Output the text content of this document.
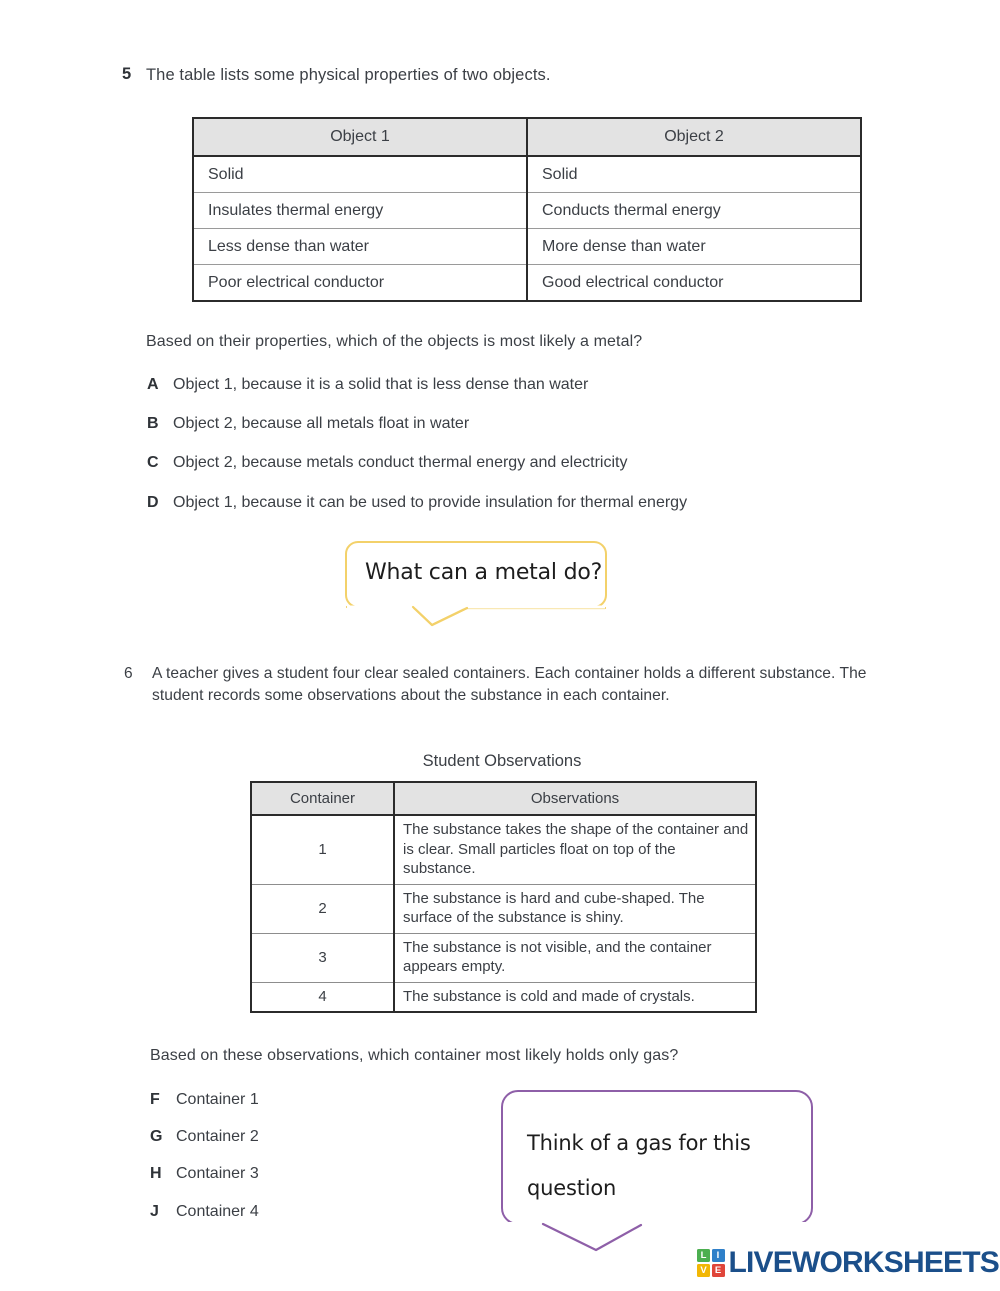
5 The table lists some physical properties of two objects.
Object 1	Object 2
Solid	Solid
Insulates thermal energy	Conducts thermal energy
Less dense than water	More dense than water
Poor electrical conductor	Good electrical conductor
Based on their properties, which of the objects is most likely a metal?
A Object 1, because it is a solid that is less dense than water
B Object 2, because all metals float in water
C Object 2, because metals conduct thermal energy and electricity
D Object 1, because it can be used to provide insulation for thermal energy
What can a metal do?
6 A teacher gives a student four clear sealed containers. Each container holds a different substance. The student records some observations about the substance in each container.
Student Observations
Container	Observations
1	The substance takes the shape of the container and is clear. Small particles float on top of the substance.
2	The substance is hard and cube-shaped. The surface of the substance is shiny.
3	The substance is not visible, and the container appears empty.
4	The substance is cold and made of crystals.
Based on these observations, which container most likely holds only gas?
F Container 1
G Container 2
H Container 3
J Container 4
Think of a gas for this
question
L	I
V E LIVEWORKSHEETS
